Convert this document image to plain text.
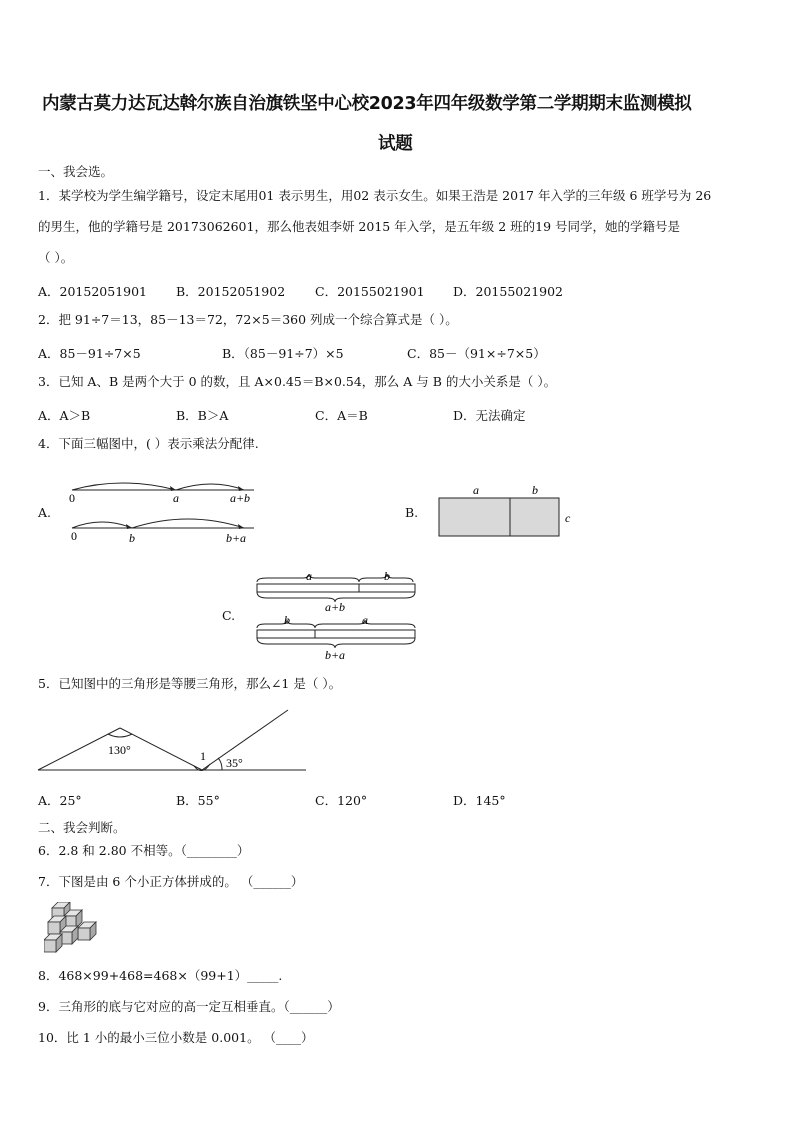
内蒙古莫力达瓦达斡尔族自治旗铁坚中心校2023年四年级数学第二学期期末监测模拟
试题
一、我会选。
1．某学校为学生编学籍号，设定末尾用01 表示男生，用02 表示女生。如果王浩是 2017 年入学的三年级 6 班学号为 26
的男生，他的学籍号是 20173062601，那么他表姐李妍 2015 年入学，是五年级 2 班的19 号同学，她的学籍号是
（ ）。
A．20152051901 B．20152051902 C．20155021901 D．20155021902
2．把 91÷7＝13，85－13＝72，72×5＝360 列成一个综合算式是（ ）。
A．85－91÷7×5	B．（85－91÷7）×5	C．85－（91×÷7×5）
3．已知 A、B 是两个大于 0 的数，且 A×0.45＝B×0.54，那么 A 与 B 的大小关系是（ ）。
A．A＞B	B．B＞A	C．A＝B	D．无法确定
4．下面三幅图中，( ）表示乘法分配律.
A.
0	a	a+b
0	b	b+a
B.
a	b
c
C.
a	b
a+b
b	a
b+a
5．已知图中的三角形是等腰三角形，那么∠1 是（ ）。
130°	1 35°
A．25°	B．55°	C．120°	D．145°
二、我会判断。
6．2.8 和 2.80 不相等。（________）
7．下图是由 6 个小正方体拼成的。 （______）
8．468×99+468=468×（99+1）_____.
9．三角形的底与它对应的高一定互相垂直。（______）
10．比 1 小的最小三位小数是 0.001。 （____）
